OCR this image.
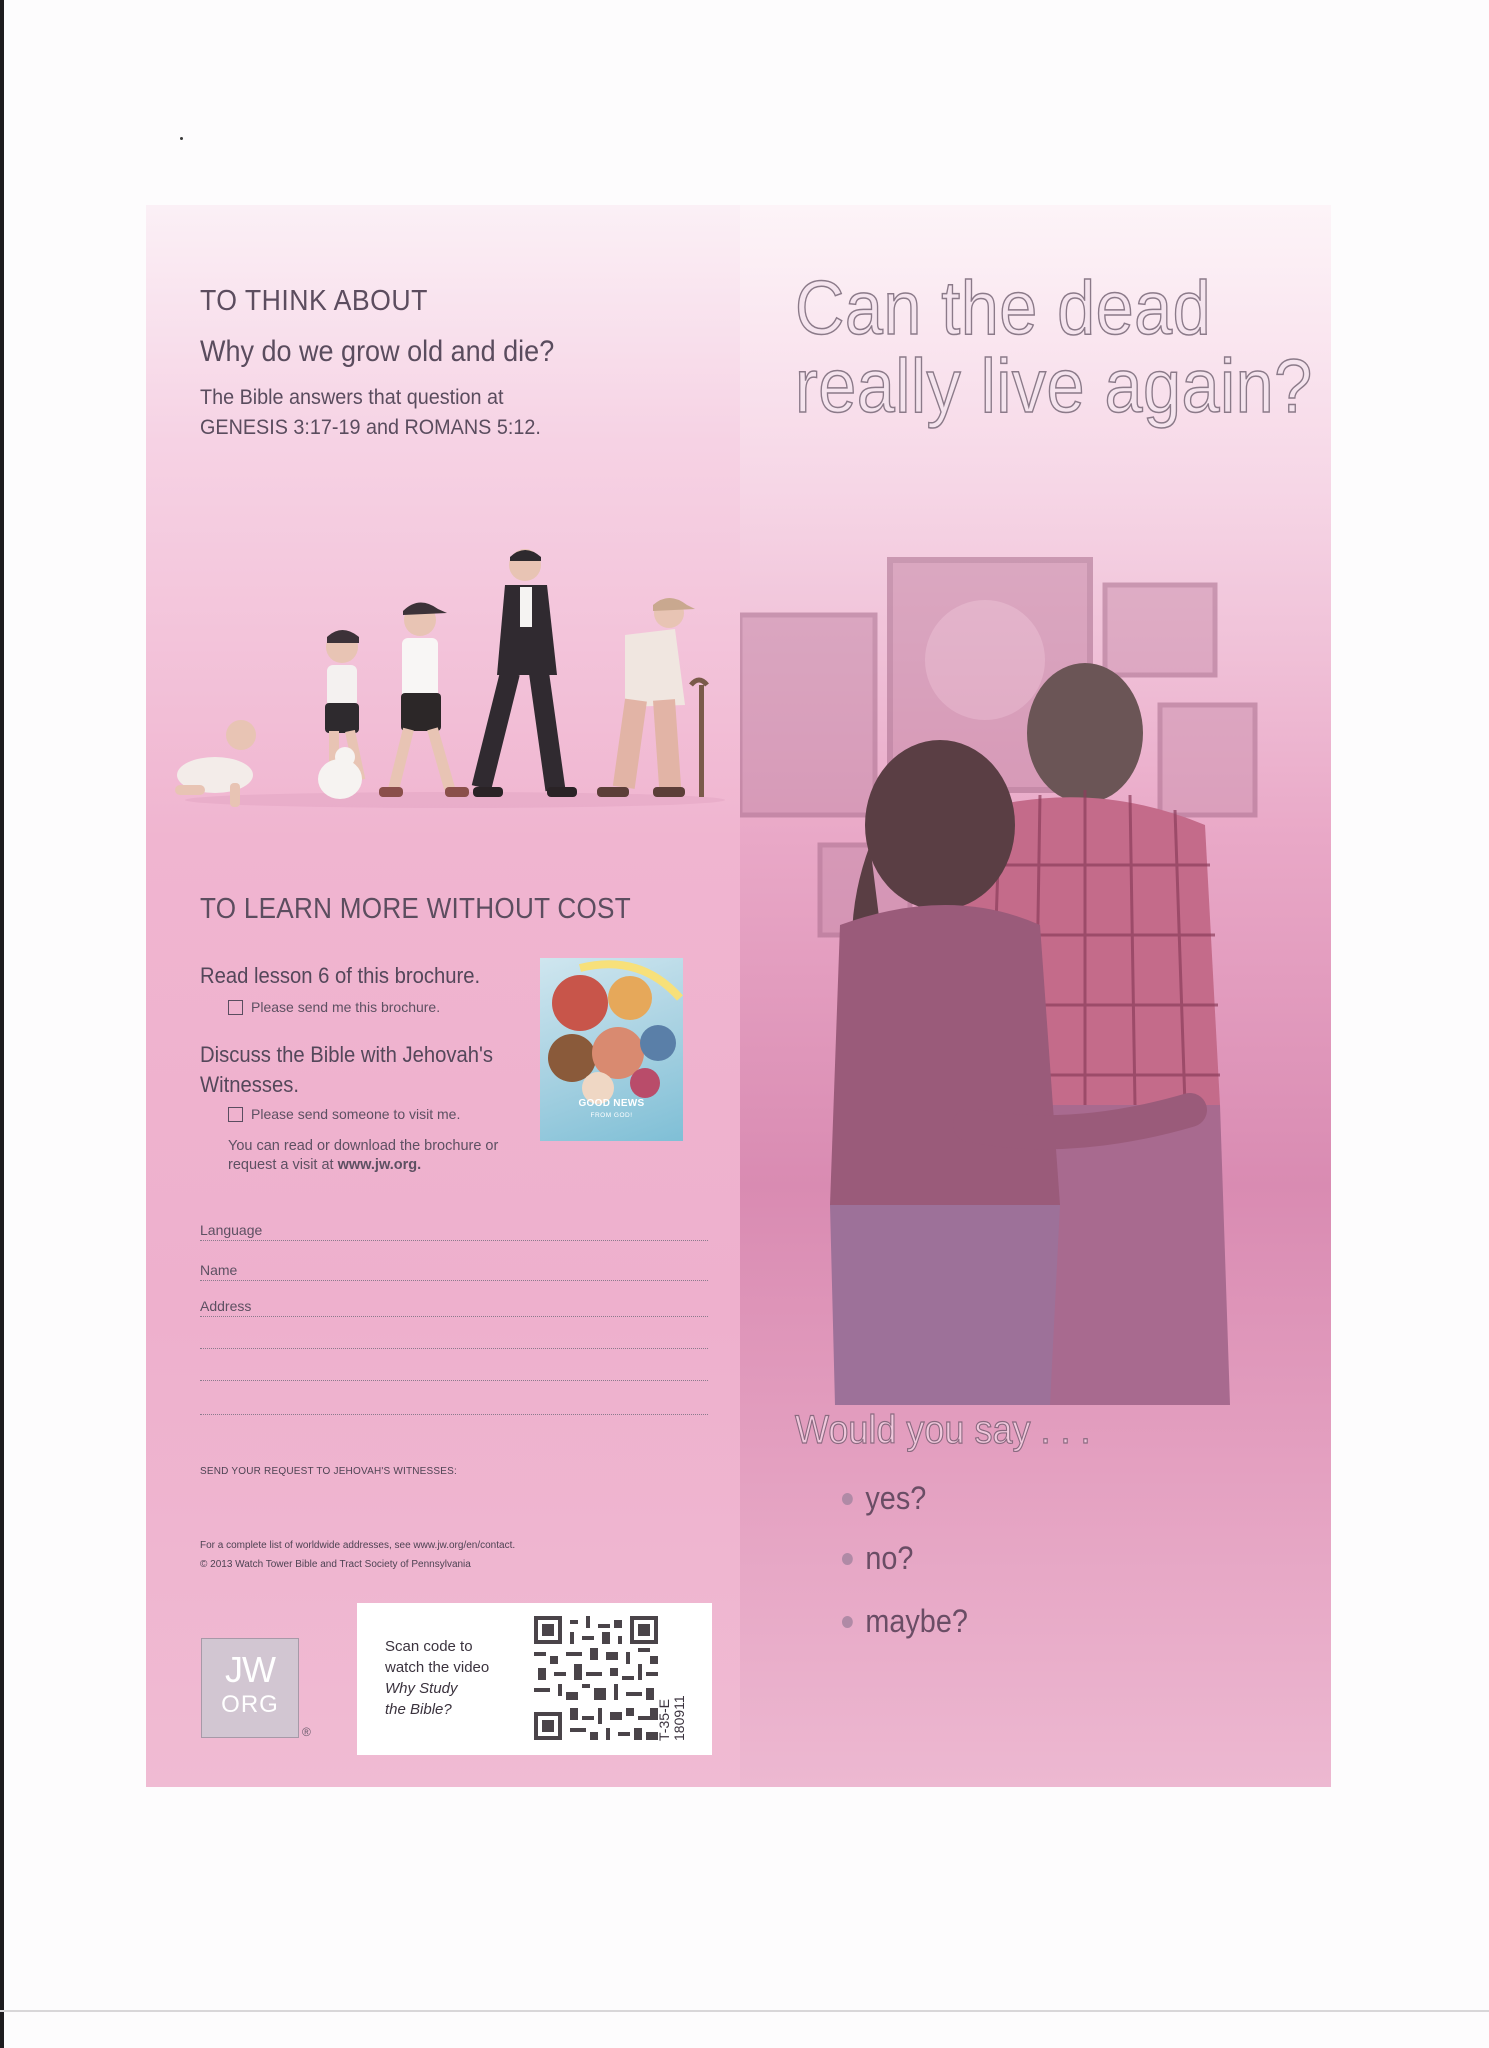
TO THINK ABOUT

Why do we grow old and die?

The Bible answers that question at GENESIS 3:17-19 and ROMANS 5:12.

TO LEARN MORE WITHOUT COST
Read lesson 6 of this brochure.
Please send me this brochure.
Discuss the Bible with Jehovah's Witnesses.
Please send someone to visit me.
You can read or download the brochure or request a visit at www.jw.org.
GOOD NEWS
FROM GOD!
Language
Name
Address
SEND YOUR REQUEST TO JEHOVAH'S WITNESSES:
For a complete list of worldwide addresses, see www.jw.org/en/contact.
© 2013 Watch Tower Bible and Tract Society of Pennsylvania
JW
ORG
®
Scan code to
watch the video
Why Study
the Bible?	T-35-E 180911
Can the dead
really live again?
Would you say . . .
yes?
no?
maybe?
